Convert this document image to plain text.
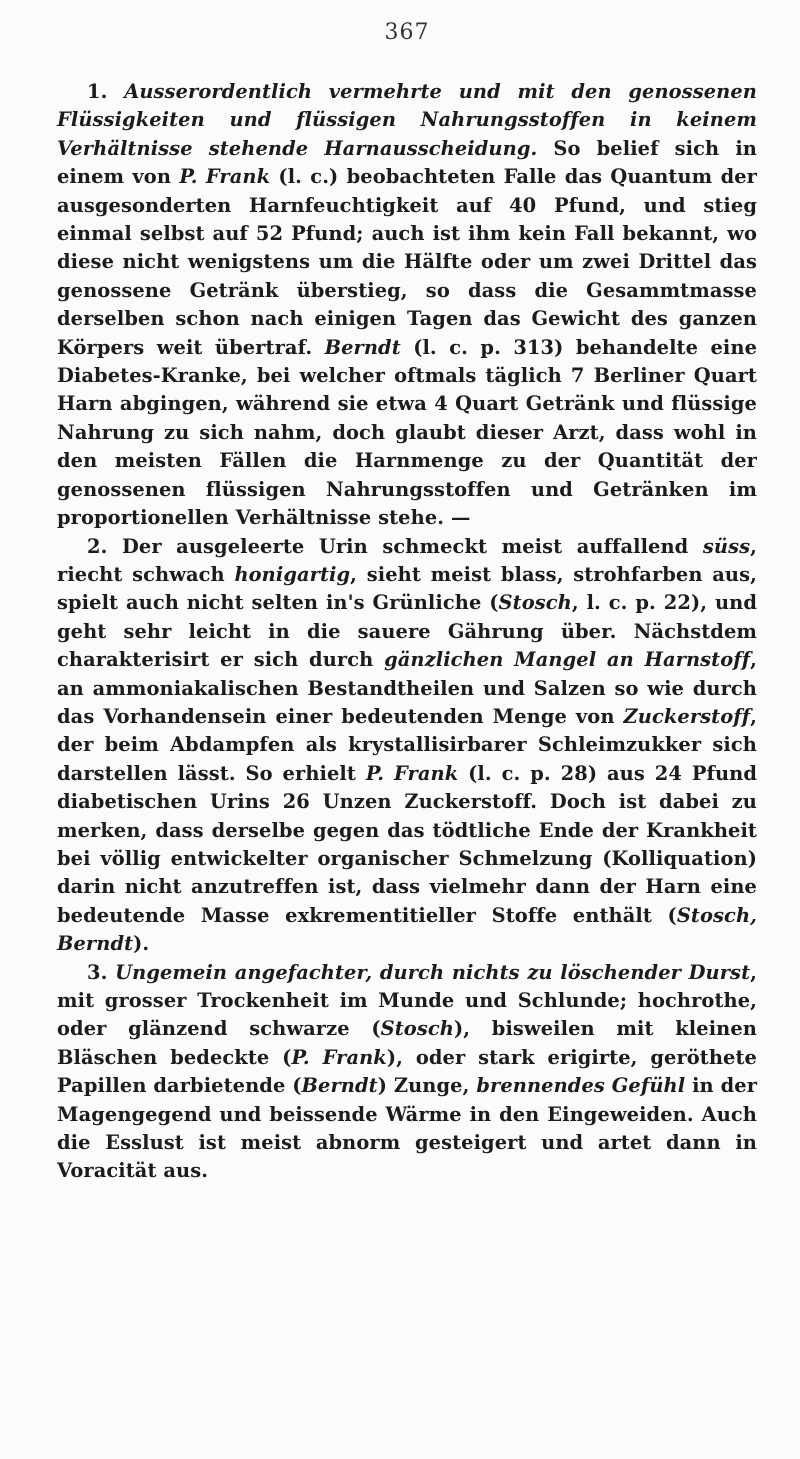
367

1. Ausserordentlich vermehrte und mit den genossenen Flüssigkeiten und flüssigen Nahrungsstoffen in keinem Verhältnisse stehende Harnausscheidung. So belief sich in einem von P. Frank (l. c.) beobachteten Falle das Quantum der ausgesonderten Harnfeuchtigkeit auf 40 Pfund, und stieg einmal selbst auf 52 Pfund; auch ist ihm kein Fall bekannt, wo diese nicht wenigstens um die Hälfte oder um zwei Drittel das genossene Getränk überstieg, so dass die Gesammtmasse derselben schon nach einigen Tagen das Gewicht des ganzen Körpers weit übertraf. Berndt (l. c. p. 313) behandelte eine Diabetes-Kranke, bei welcher oftmals täglich 7 Berliner Quart Harn abgingen, während sie etwa 4 Quart Getränk und flüssige Nahrung zu sich nahm, doch glaubt dieser Arzt, dass wohl in den meisten Fällen die Harnmenge zu der Quantität der genossenen flüssigen Nahrungsstoffen und Getränken im proportionellen Verhältnisse stehe. —

2. Der ausgeleerte Urin schmeckt meist auffallend süss, riecht schwach honigartig, sieht meist blass, strohfarben aus, spielt auch nicht selten in's Grünliche (Stosch, l. c. p. 22), und geht sehr leicht in die sauere Gährung über. Nächstdem charakterisirt er sich durch gänzlichen Mangel an Harnstoff, an ammoniakalischen Bestandtheilen und Salzen so wie durch das Vorhandensein einer bedeutenden Menge von Zuckerstoff, der beim Abdampfen als krystallisirbarer Schleimzukker sich darstellen lässt. So erhielt P. Frank (l. c. p. 28) aus 24 Pfund diabetischen Urins 26 Unzen Zuckerstoff. Doch ist dabei zu merken, dass derselbe gegen das tödtliche Ende der Krankheit bei völlig entwickelter organischer Schmelzung (Kolliquation) darin nicht anzutreffen ist, dass vielmehr dann der Harn eine bedeutende Masse exkrementitieller Stoffe enthält (Stosch, Berndt).

3. Ungemein angefachter, durch nichts zu löschender Durst, mit grosser Trockenheit im Munde und Schlunde; hochrothe, oder glänzend schwarze (Stosch), bisweilen mit kleinen Bläschen bedeckte (P. Frank), oder stark erigirte, geröthete Papillen darbietende (Berndt) Zunge, brennendes Gefühl in der Magengegend und beissende Wärme in den Eingeweiden. Auch die Esslust ist meist abnorm gesteigert und artet dann in Voracität aus.
